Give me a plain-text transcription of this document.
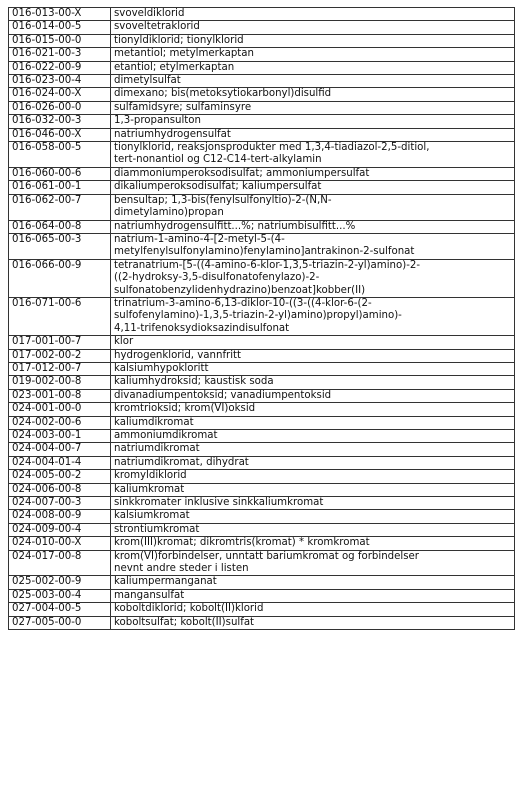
016-013-00-X	svoveldiklorid

016-014-00-5	svoveltetraklorid

016-015-00-0	tionyldiklorid; tionylklorid

016-021-00-3	metantiol; metylmerkaptan

016-022-00-9	etantiol; etylmerkaptan

016-023-00-4	dimetylsulfat

016-024-00-X	dimexano; bis(metoksytiokarbonyl)disulfid

016-026-00-0	sulfamidsyre; sulfaminsyre

016-032-00-3	1,3-propansulton

016-046-00-X	natriumhydrogensulfat

016-058-00-5	tionylklorid, reaksjonsprodukter med 1,3,4-tiadiazol-2,5-ditiol,
tert-nonantiol og C12-C14-tert-alkylamin

016-060-00-6	diammoniumperoksodisulfat; ammoniumpersulfat

016-061-00-1	dikaliumperoksodisulfat; kaliumpersulfat

016-062-00-7	bensultap; 1,3-bis(fenylsulfonyltio)-2-(N,N-
dimetylamino)propan

016-064-00-8	natriumhydrogensulfitt...%; natriumbisulfitt...%

016-065-00-3	natrium-1-amino-4-[2-metyl-5-(4-
metylfenylsulfonylamino)fenylamino]antrakinon-2-sulfonat

016-066-00-9	tetranatrium-[5-((4-amino-6-klor-1,3,5-triazin-2-yl)amino)-2-
((2-hydroksy-3,5-disulfonatofenylazo)-2-
sulfonatobenzylidenhydrazino)benzoat]kobber(II)

016-071-00-6	trinatrium-3-amino-6,13-diklor-10-((3-((4-klor-6-(2-
sulfofenylamino)-1,3,5-triazin-2-yl)amino)propyl)amino)-
4,11-trifenoksydioksazindisulfonat

017-001-00-7	klor

017-002-00-2	hydrogenklorid, vannfritt

017-012-00-7	kalsiumhypokloritt

019-002-00-8	kaliumhydroksid; kaustisk soda

023-001-00-8	divanadiumpentoksid; vanadiumpentoksid

024-001-00-0	kromtrioksid; krom(VI)oksid

024-002-00-6	kaliumdikromat

024-003-00-1	ammoniumdikromat

024-004-00-7	natriumdikromat

024-004-01-4	natriumdikromat, dihydrat

024-005-00-2	kromyldiklorid

024-006-00-8	kaliumkromat

024-007-00-3	sinkkromater inklusive sinkkaliumkromat

024-008-00-9	kalsiumkromat

024-009-00-4	strontiumkromat

024-010-00-X	krom(III)kromat; dikromtris(kromat) * kromkromat

024-017-00-8	krom(VI)forbindelser, unntatt bariumkromat og forbindelser
nevnt andre steder i listen

025-002-00-9	kaliumpermanganat

025-003-00-4	mangansulfat

027-004-00-5	koboltdiklorid; kobolt(II)klorid

027-005-00-0	koboltsulfat; kobolt(II)sulfat
